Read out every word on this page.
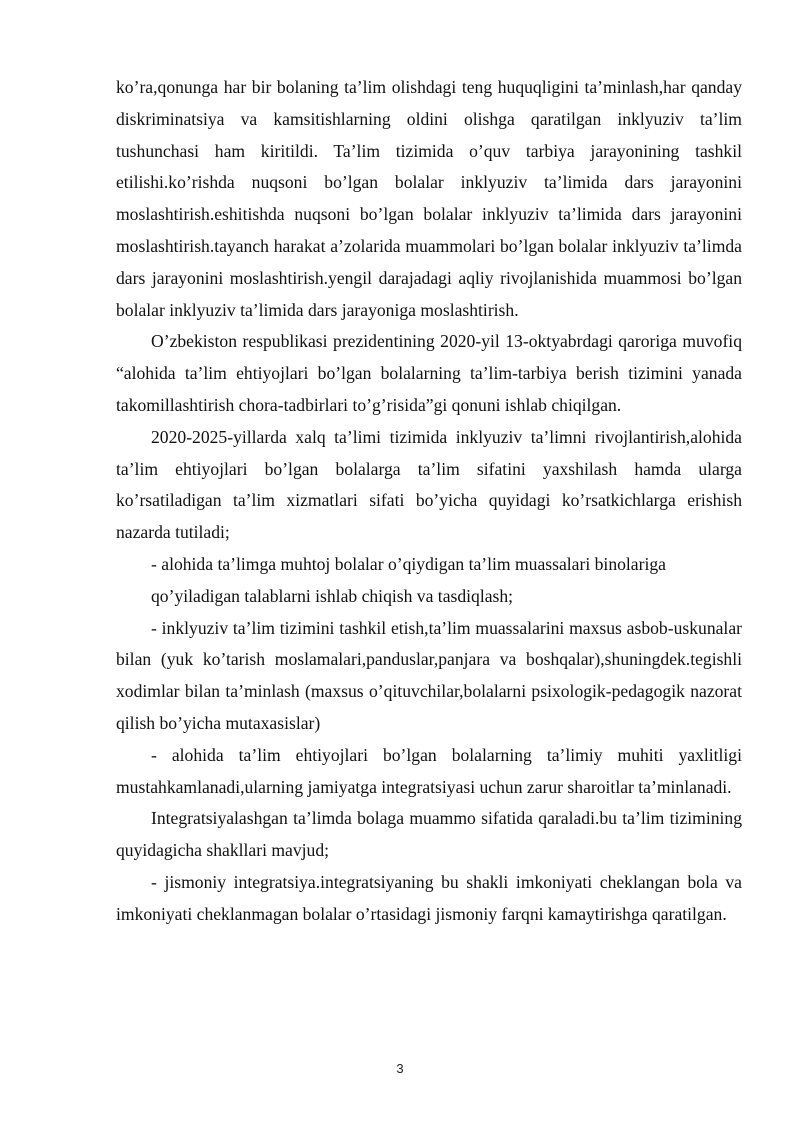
ko’ra,qonunga har bir bolaning ta’lim olishdagi teng huquqligini ta’minlash,har qanday diskriminatsiya va kamsitishlarning oldini olishga qaratilgan inklyuziv ta’lim tushunchasi ham kiritildi. Ta’lim tizimida o’quv tarbiya jarayonining tashkil etilishi.ko’rishda nuqsoni bo’lgan bolalar inklyuziv ta’limida dars jarayonini moslashtirish.eshitishda nuqsoni bo’lgan bolalar inklyuziv ta’limida dars jarayonini moslashtirish.tayanch harakat a’zolarida muammolari bo’lgan bolalar inklyuziv ta’limda dars jarayonini moslashtirish.yengil darajadagi aqliy rivojlanishida muammosi bo’lgan bolalar inklyuziv ta’limida dars jarayoniga moslashtirish.

O’zbekiston respublikasi prezidentining 2020-yil 13-oktyabrdagi qaroriga muvofiq “alohida ta’lim ehtiyojlari bo’lgan bolalarning ta’lim-tarbiya berish tizimini yanada takomillashtirish chora-tadbirlari to’g’risida”gi qonuni ishlab chiqilgan.

2020-2025-yillarda xalq ta’limi tizimida inklyuziv ta’limni rivojlantirish,alohida ta’lim ehtiyojlari bo’lgan bolalarga ta’lim sifatini yaxshilash hamda ularga ko’rsatiladigan ta’lim xizmatlari sifati bo’yicha quyidagi ko’rsatkichlarga erishish nazarda tutiladi;

- alohida ta’limga muhtoj bolalar o’qiydigan ta’lim muassalari binolariga

qo’yiladigan talablarni ishlab chiqish va tasdiqlash;

- inklyuziv ta’lim tizimini tashkil etish,ta’lim muassalarini maxsus asbob-uskunalar bilan (yuk ko’tarish moslamalari,panduslar,panjara va boshqalar),shuningdek.tegishli xodimlar bilan ta’minlash (maxsus o’qituvchilar,bolalarni psixologik-pedagogik nazorat qilish bo’yicha mutaxasislar)

- alohida ta’lim ehtiyojlari bo’lgan bolalarning ta’limiy muhiti yaxlitligi mustahkamlanadi,ularning jamiyatga integratsiyasi uchun zarur sharoitlar ta’minlanadi.

Integratsiyalashgan ta’limda bolaga muammo sifatida qaraladi.bu ta’lim tizimining quyidagicha shakllari mavjud;

- jismoniy integratsiya.integratsiyaning bu shakli imkoniyati cheklangan bola va imkoniyati cheklanmagan bolalar o’rtasidagi jismoniy farqni kamaytirishga qaratilgan.

3
